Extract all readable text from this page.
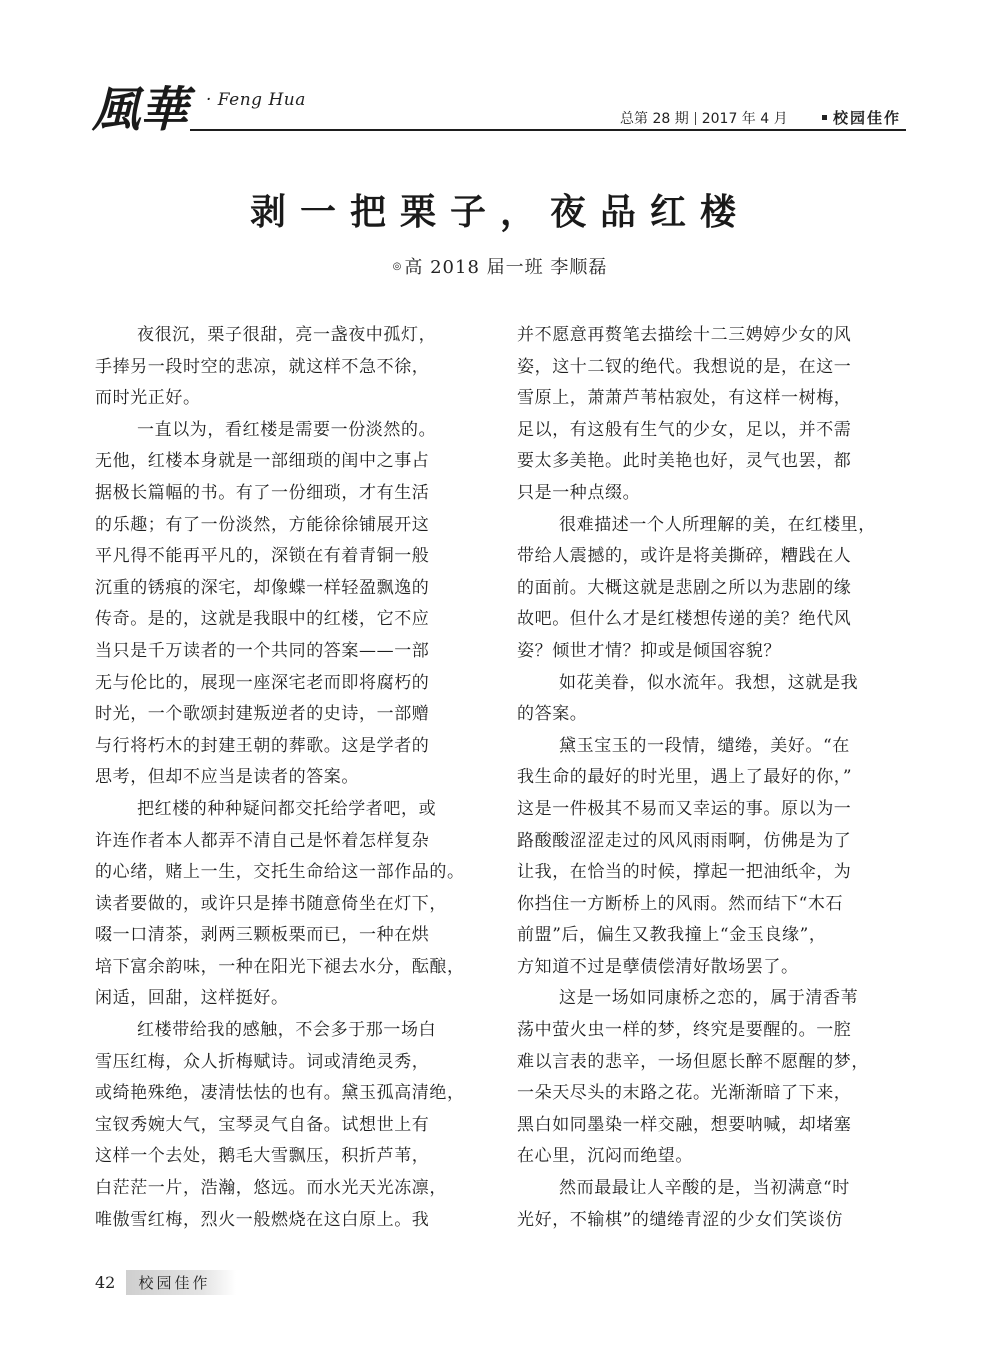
風華	· Feng Hua
总第 28 期 2017 年 4 月	校园佳作
剥一把栗子，夜品红楼
◎ 高 2018 届一班 李顺磊
夜很沉，栗子很甜，亮一盏夜中孤灯，
手捧另一段时空的悲凉，就这样不急不徐，
而时光正好。
一直以为，看红楼是需要一份淡然的。
无他，红楼本身就是一部细琐的闺中之事占
据极长篇幅的书。有了一份细琐，才有生活
的乐趣；有了一份淡然，方能徐徐铺展开这
平凡得不能再平凡的，深锁在有着青铜一般
沉重的锈痕的深宅，却像蝶一样轻盈飘逸的
传奇。是的，这就是我眼中的红楼，它不应
当只是千万读者的一个共同的答案——一部
无与伦比的，展现一座深宅老而即将腐朽的
时光，一个歌颂封建叛逆者的史诗，一部赠
与行将朽木的封建王朝的葬歌。这是学者的
思考，但却不应当是读者的答案。
把红楼的种种疑问都交托给学者吧，或
许连作者本人都弄不清自己是怀着怎样复杂
的心绪，赌上一生，交托生命给这一部作品的。
读者要做的，或许只是捧书随意倚坐在灯下，
啜一口清茶，剥两三颗板栗而已，一种在烘
培下富余韵味，一种在阳光下褪去水分，酝酿，
闲适，回甜，这样挺好。
红楼带给我的感触，不会多于那一场白
雪压红梅，众人折梅赋诗。词或清绝灵秀，
或绮艳殊绝，凄清怯怯的也有。黛玉孤高清绝，
宝钗秀婉大气，宝琴灵气自备。试想世上有
这样一个去处，鹅毛大雪飘压，积折芦苇，
白茫茫一片，浩瀚，悠远。而水光天光冻凛，
唯傲雪红梅，烈火一般燃烧在这白原上。我
并不愿意再赘笔去描绘十二三娉婷少女的风
姿，这十二钗的绝代。我想说的是，在这一
雪原上，萧萧芦苇枯寂处，有这样一树梅，
足以，有这般有生气的少女，足以，并不需
要太多美艳。此时美艳也好，灵气也罢，都
只是一种点缀。
很难描述一个人所理解的美，在红楼里，
带给人震撼的，或许是将美撕碎，糟践在人
的面前。大概这就是悲剧之所以为悲剧的缘
故吧。但什么才是红楼想传递的美？绝代风
姿？倾世才情？抑或是倾国容貌？
如花美眷，似水流年。我想，这就是我
的答案。
黛玉宝玉的一段情，缱绻，美好。“在
我生命的最好的时光里，遇上了最好的你，”
这是一件极其不易而又幸运的事。原以为一
路酸酸涩涩走过的风风雨雨啊，仿佛是为了
让我，在恰当的时候，撑起一把油纸伞，为
你挡住一方断桥上的风雨。然而结下“木石
前盟”后，偏生又教我撞上“金玉良缘”，
方知道不过是孽债偿清好散场罢了。
这是一场如同康桥之恋的，属于清香苇
荡中萤火虫一样的梦，终究是要醒的。一腔
难以言表的悲辛，一场但愿长醉不愿醒的梦，
一朵天尽头的末路之花。光渐渐暗了下来，
黑白如同墨染一样交融，想要呐喊，却堵塞
在心里，沉闷而绝望。
然而最最让人辛酸的是，当初满意“时
光好，不输棋”的缱绻青涩的少女们笑谈仿
42 校园佳作
